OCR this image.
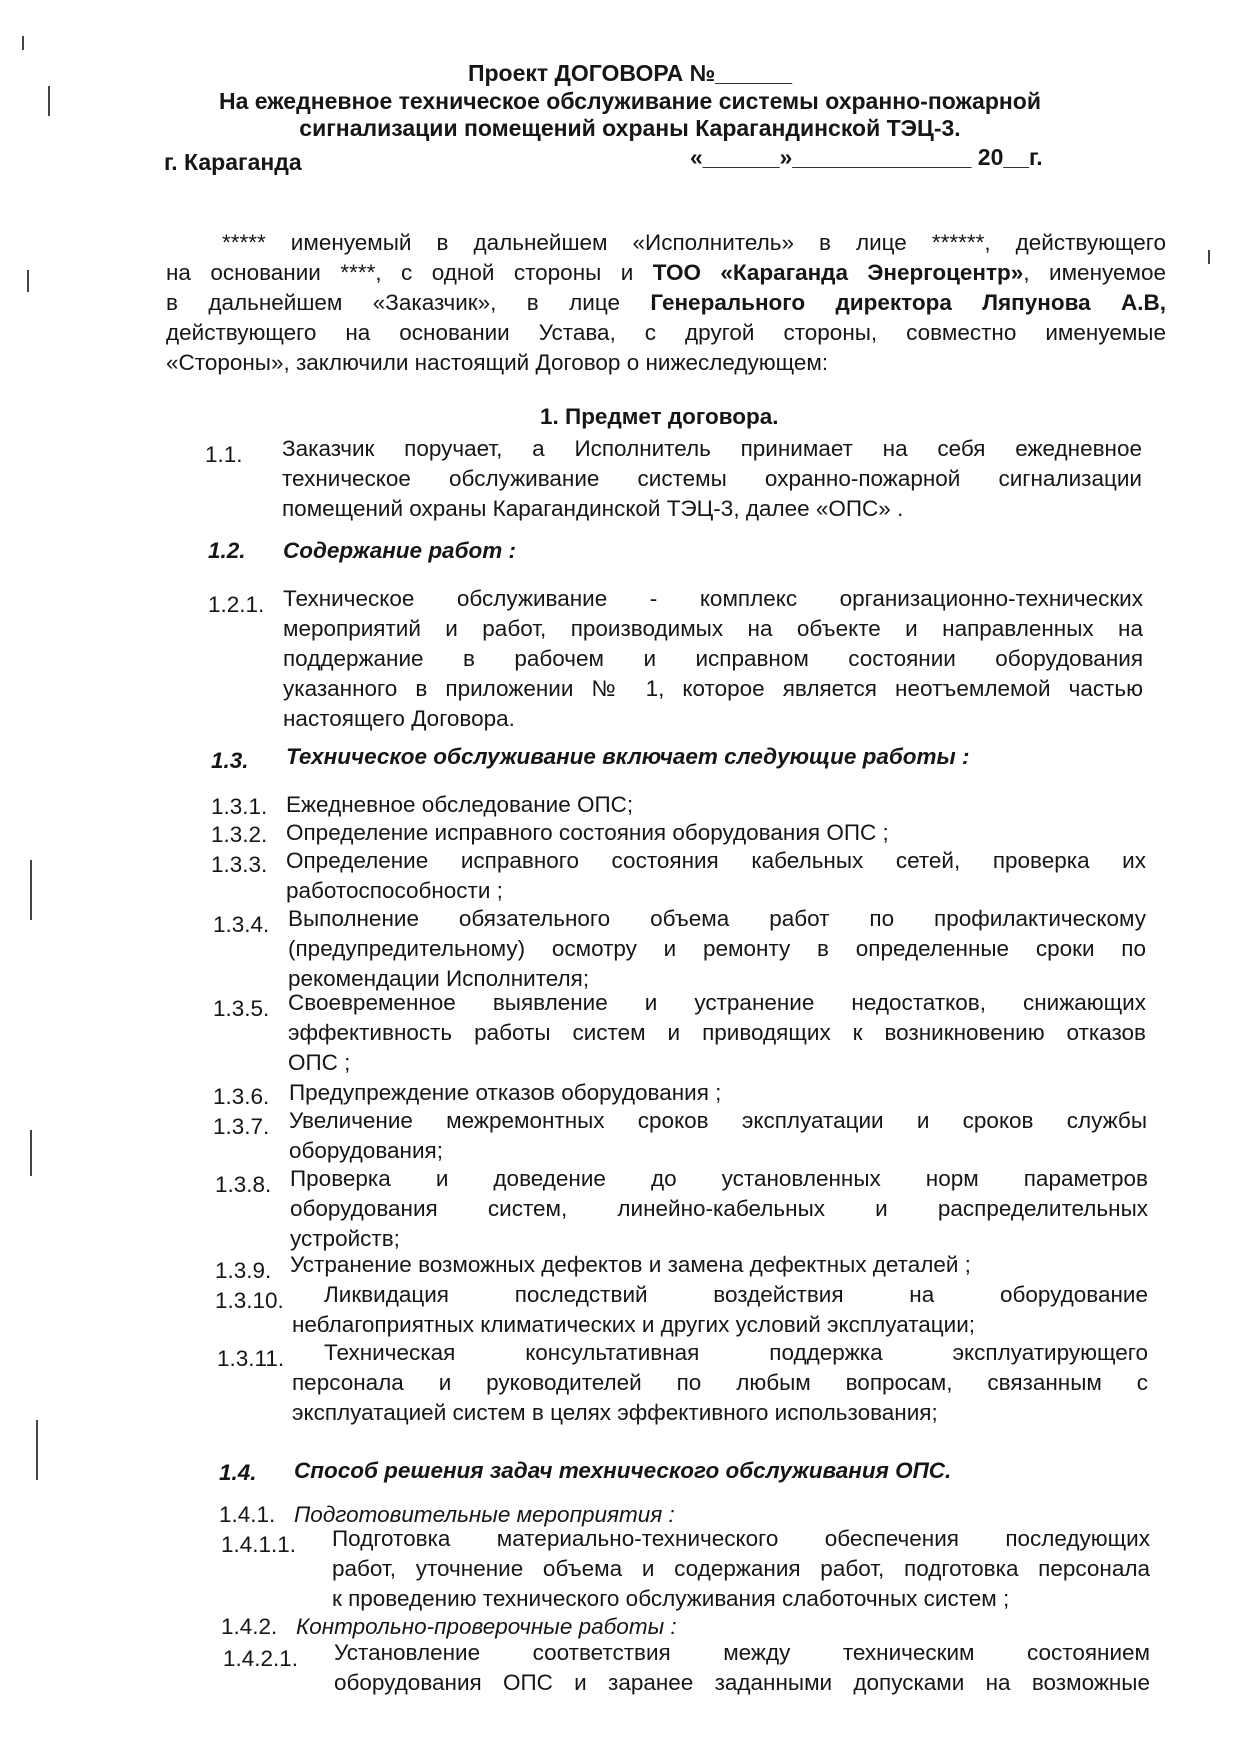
Проект ДОГОВОРА №______
На ежедневное техническое обслуживание системы охранно-пожарной
сигнализации помещений охраны Карагандинской ТЭЦ-3.
г. Караганда	«______»______________ 20__г.
***** именуемый в дальнейшем «Исполнитель» в лице ******, действующего
на основании ****, с одной стороны и ТОО «Караганда Энергоцентр», именуемое
в дальнейшем «Заказчик», в лице Генерального директора Ляпунова А.В,
действующего на основании Устава, с другой стороны, совместно именуемые
«Стороны», заключили настоящий Договор о нижеследующем:
1. Предмет договора.
1.1. Заказчик поручает, а Исполнитель принимает на себя ежедневное
техническое обслуживание системы охранно-пожарной сигнализации
помещений охраны Карагандинской ТЭЦ-3, далее «ОПС» .
1.2. Содержание работ :
1.2.1. Техническое обслуживание - комплекс организационно-технических
мероприятий и работ, производимых на объекте и направленных на
поддержание в рабочем и исправном состоянии оборудования
указанного в приложении № 1, которое является неотъемлемой частью
настоящего Договора.
1.3. Техническое обслуживание включает следующие работы :
1.3.1. Ежедневное обследование ОПС;
1.3.2. Определение исправного состояния оборудования ОПС ;
1.3.3. Определение исправного состояния кабельных сетей, проверка их
работоспособности ;
1.3.4. Выполнение обязательного объема работ по профилактическому
(предупредительному) осмотру и ремонту в определенные сроки по
рекомендации Исполнителя;
1.3.5. Своевременное выявление и устранение недостатков, снижающих
эффективность работы систем и приводящих к возникновению отказов
ОПС ;
1.3.6. Предупреждение отказов оборудования ;
1.3.7. Увеличение межремонтных сроков эксплуатации и сроков службы
оборудования;
1.3.8. Проверка и доведение до установленных норм параметров
оборудования систем, линейно-кабельных и распределительных
устройств;
1.3.9. Устранение возможных дефектов и замена дефектных деталей ;
1.3.10.	Ликвидация последствий воздействия на оборудование
неблагоприятных климатических и других условий эксплуатации;
1.3.11.	Техническая консультативная поддержка эксплуатирующего
персонала и руководителей по любым вопросам, связанным с
эксплуатацией систем в целях эффективного использования;
1.4. Способ решения задач технического обслуживания ОПС.
1.4.1. Подготовительные мероприятия :
1.4.1.1. Подготовка материально-технического обеспечения последующих
работ, уточнение объема и содержания работ, подготовка персонала
к проведению технического обслуживания слаботочных систем ;
1.4.2. Контрольно-проверочные работы :
1.4.2.1. Установление соответствия между техническим состоянием
оборудования ОПС и заранее заданными допусками на возможные
